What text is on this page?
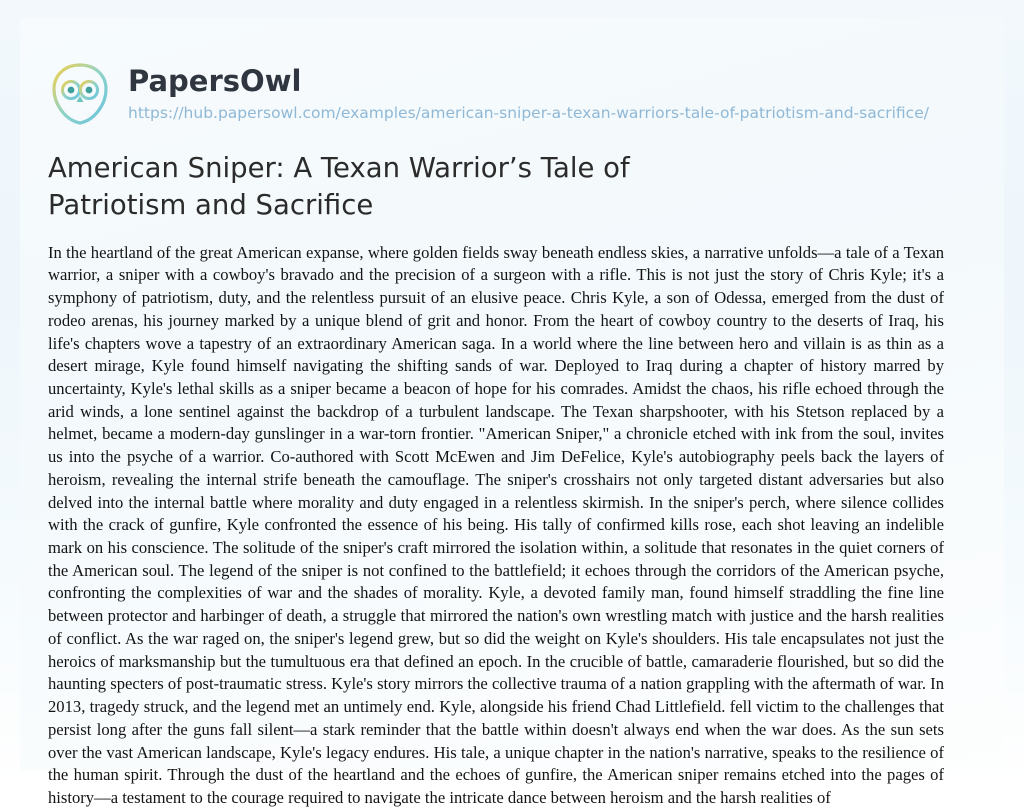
PapersOwl
https://hub.papersowl.com/examples/american-sniper-a-texan-warriors-tale-of-patriotism-and-sacrifice/
American Sniper: A Texan Warrior’s Tale of Patriotism and Sacrifice

In the heartland of the great American expanse, where golden fields sway beneath endless skies, a narrative unfolds—a tale of a Texan warrior, a sniper with a cowboy's bravado and the precision of a surgeon with a rifle. This is not just the story of Chris Kyle; it's a symphony of patriotism, duty, and the relentless pursuit of an elusive peace. Chris Kyle, a son of Odessa, emerged from the dust of rodeo arenas, his journey marked by a unique blend of grit and honor. From the heart of cowboy country to the deserts of Iraq, his life's chapters wove a tapestry of an extraordinary American saga. In a world where the line between hero and villain is as thin as a desert mirage, Kyle found himself navigating the shifting sands of war. Deployed to Iraq during a chapter of history marred by uncertainty, Kyle's lethal skills as a sniper became a beacon of hope for his comrades. Amidst the chaos, his rifle echoed through the arid winds, a lone sentinel against the backdrop of a turbulent landscape. The Texan sharpshooter, with his Stetson replaced by a helmet, became a modern-day gunslinger in a war-torn frontier. "American Sniper," a chronicle etched with ink from the soul, invites us into the psyche of a warrior. Co-authored with Scott McEwen and Jim DeFelice, Kyle's autobiography peels back the layers of heroism, revealing the internal strife beneath the camouflage. The sniper's crosshairs not only targeted distant adversaries but also delved into the internal battle where morality and duty engaged in a relentless skirmish. In the sniper's perch, where silence collides with the crack of gunfire, Kyle confronted the essence of his being. His tally of confirmed kills rose, each shot leaving an indelible mark on his conscience. The solitude of the sniper's craft mirrored the isolation within, a solitude that resonates in the quiet corners of the American soul. The legend of the sniper is not confined to the battlefield; it echoes through the corridors of the American psyche, confronting the complexities of war and the shades of morality. Kyle, a devoted family man, found himself straddling the fine line between protector and harbinger of death, a struggle that mirrored the nation's own wrestling match with justice and the harsh realities of conflict. As the war raged on, the sniper's legend grew, but so did the weight on Kyle's shoulders. His tale encapsulates not just the heroics of marksmanship but the tumultuous era that defined an epoch. In the crucible of battle, camaraderie flourished, but so did the haunting specters of post-traumatic stress. Kyle's story mirrors the collective trauma of a nation grappling with the aftermath of war. In 2013, tragedy struck, and the legend met an untimely end. Kyle, alongside his friend Chad Littlefield. fell victim to the challenges that persist long after the guns fall silent—a stark reminder that the battle within doesn't always end when the war does. As the sun sets over the vast American landscape, Kyle's legacy endures. His tale, a unique chapter in the nation's narrative, speaks to the resilience of the human spirit. Through the dust of the heartland and the echoes of gunfire, the American sniper remains etched into the pages of history—a testament to the courage required to navigate the intricate dance between heroism and the harsh realities of
